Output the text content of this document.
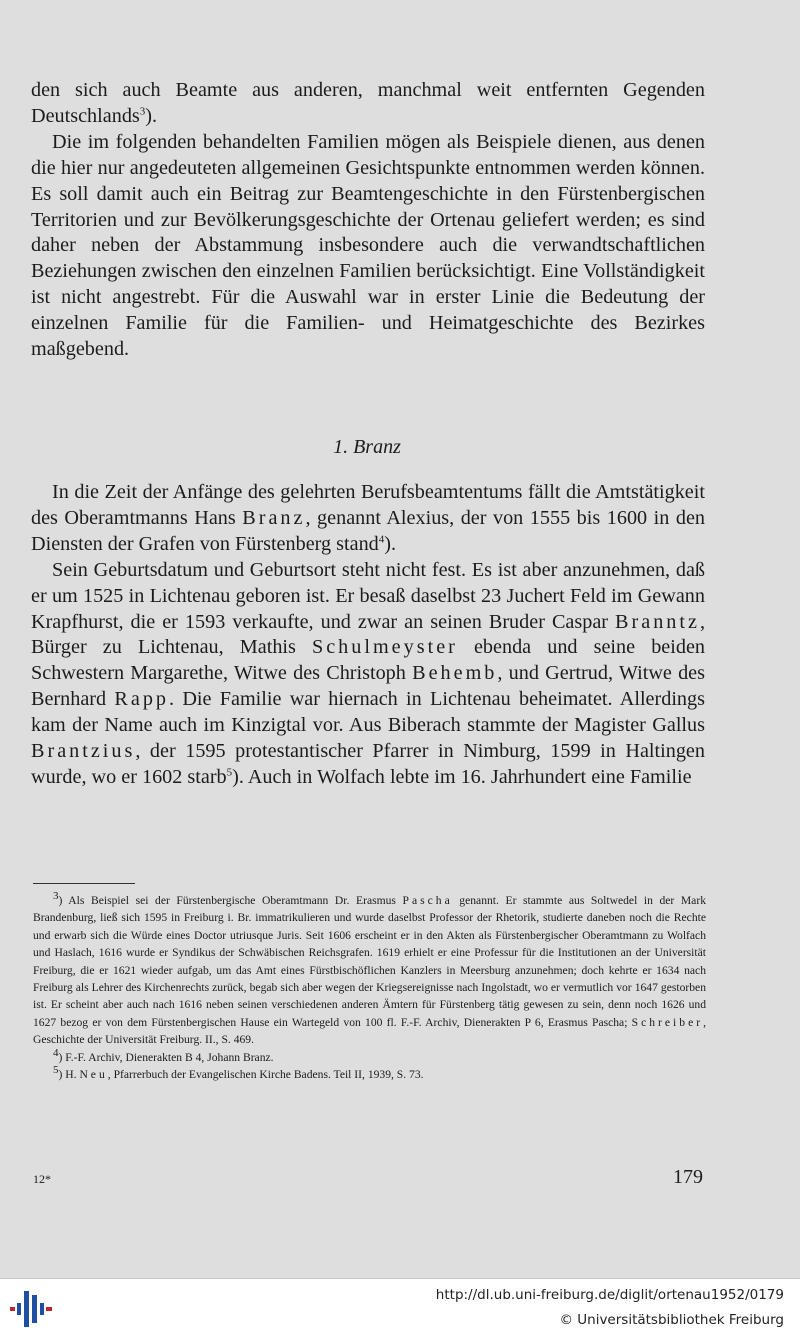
den sich auch Beamte aus anderen, manchmal weit entfernten Gegenden Deutschlands$^3$).

Die im folgenden behandelten Familien mögen als Beispiele dienen, aus denen die hier nur angedeuteten allgemeinen Gesichtspunkte entnommen werden können. Es soll damit auch ein Beitrag zur Beamtengeschichte in den Fürstenbergischen Territorien und zur Bevölkerungsgeschichte der Ortenau geliefert werden; es sind daher neben der Abstammung insbesondere auch die verwandtschaftlichen Beziehungen zwischen den einzelnen Familien berücksichtigt. Eine Vollständigkeit ist nicht angestrebt. Für die Auswahl war in erster Linie die Bedeutung der einzelnen Familie für die Familien- und Heimatgeschichte des Bezirkes maßgebend.

1. Branz

In die Zeit der Anfänge des gelehrten Berufsbeamtentums fällt die Amtstätigkeit des Oberamtmanns Hans Branz, genannt Alexius, der von 1555 bis 1600 in den Diensten der Grafen von Fürstenberg stand$^4$).

Sein Geburtsdatum und Geburtsort steht nicht fest. Es ist aber anzunehmen, daß er um 1525 in Lichtenau geboren ist. Er besaß daselbst 23 Juchert Feld im Gewann Krapfhurst, die er 1593 verkaufte, und zwar an seinen Bruder Caspar Branntz, Bürger zu Lichtenau, Mathis Schulmeyster ebenda und seine beiden Schwestern Margarethe, Witwe des Christoph Behemb, und Gertrud, Witwe des Bernhard Rapp. Die Familie war hiernach in Lichtenau beheimatet. Allerdings kam der Name auch im Kinzigtal vor. Aus Biberach stammte der Magister Gallus Brantzius, der 1595 protestantischer Pfarrer in Nimburg, 1599 in Haltingen wurde, wo er 1602 starb$^5$). Auch in Wolfach lebte im 16. Jahrhundert eine Familie

$^3$) Als Beispiel sei der Fürstenbergische Oberamtmann Dr. Erasmus Pascha genannt. Er stammte aus Soltwedel in der Mark Brandenburg, ließ sich 1595 in Freiburg i. Br. immatrikulieren und wurde daselbst Professor der Rhetorik, studierte daneben noch die Rechte und erwarb sich die Würde eines Doctor utriusque Juris. Seit 1606 erscheint er in den Akten als Fürstenbergischer Oberamtmann zu Wolfach und Haslach, 1616 wurde er Syndikus der Schwäbischen Reichsgrafen. 1619 erhielt er eine Professur für die Institutionen an der Universität Freiburg, die er 1621 wieder aufgab, um das Amt eines Fürstbischöflichen Kanzlers in Meersburg anzunehmen; doch kehrte er 1634 nach Freiburg als Lehrer des Kirchenrechts zurück, begab sich aber wegen der Kriegsereignisse nach Ingolstadt, wo er vermutlich vor 1647 gestorben ist. Er scheint aber auch nach 1616 neben seinen verschiedenen anderen Ämtern für Fürstenberg tätig gewesen zu sein, denn noch 1626 und 1627 bezog er von dem Fürstenbergischen Hause ein Wartegeld von 100 fl. F.-F. Archiv, Dienerakten P 6, Erasmus Pascha; Schreiber, Geschichte der Universität Freiburg. II., S. 469.

$^4$) F.-F. Archiv, Dienerakten B 4, Johann Branz.

$^5$) H. Neu, Pfarrerbuch der Evangelischen Kirche Badens. Teil II, 1939, S. 73.

12*	179
http://dl.ub.uni-freiburg.de/diglit/ortenau1952/0179
© Universitätsbibliothek Freiburg
